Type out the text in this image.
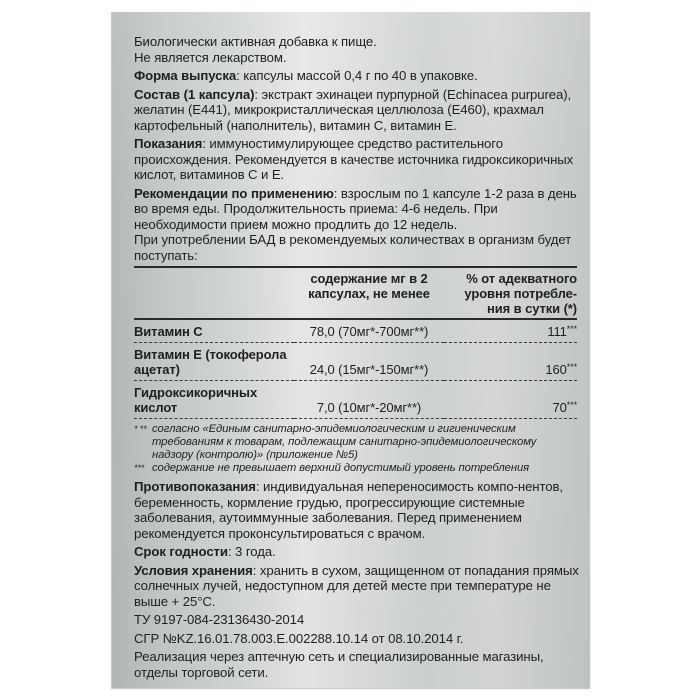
Биологически активная добавка к пище.
Не является лекарством.
Форма выпуска: капсулы массой 0,4 г по 40 в упаковке.
Состав (1 капсула): экстракт эхинацеи пурпурной (Echinacea purpurea), желатин (Е441), микрокристаллическая целлюлоза (Е460), крахмал картофельный (наполнитель), витамин С, витамин Е.
Показания: иммуностимулирующее средство растительного происхождения. Рекомендуется в качестве источника гидроксикоричных кислот, витаминов С и Е.
Рекомендации по применению: взрослым по 1 капсуле 1-2 раза в день во время еды. Продолжительность приема: 4-6 недель. При необходимости прием можно продлить до 12 недель.
При употреблении БАД в рекомендуемых количествах в организм будет поступать:
	содержание мг в 2 капсулах, не менее	% от адекватного уровня потребле-ния в сутки (*)
Витамин С	78,0 (70мг*-700мг**)	111***
Витамин Е (токоферола ацетат)	24,0 (15мг*-150мг**)	160***
Гидроксикоричных кислот	7,0 (10мг*-20мг**)	70***
* ** согласно «Единым санитарно-эпидемиологическим и гигиеническим требованиям к товарам, подлежащим санитарно-эпидемиологическому надзору (контролю)» (приложение №5)
*** содержание не превышает верхний допустимый уровень потребления
Противопоказания: индивидуальная непереносимость компо-нентов, беременность, кормление грудью, прогрессирующие системные заболевания, аутоиммунные заболевания. Перед применением рекомендуется проконсультироваться с врачом.
Срок годности: 3 года.
Условия хранения: хранить в сухом, защищенном от попадания прямых солнечных лучей, недоступном для детей месте при температуре не выше + 25°С.
ТУ 9197-084-23136430-2014
СГР №KZ.16.01.78.003.Е.002288.10.14 от 08.10.2014 г.
Реализация через аптечную сеть и специализированные магазины, отделы торговой сети.
